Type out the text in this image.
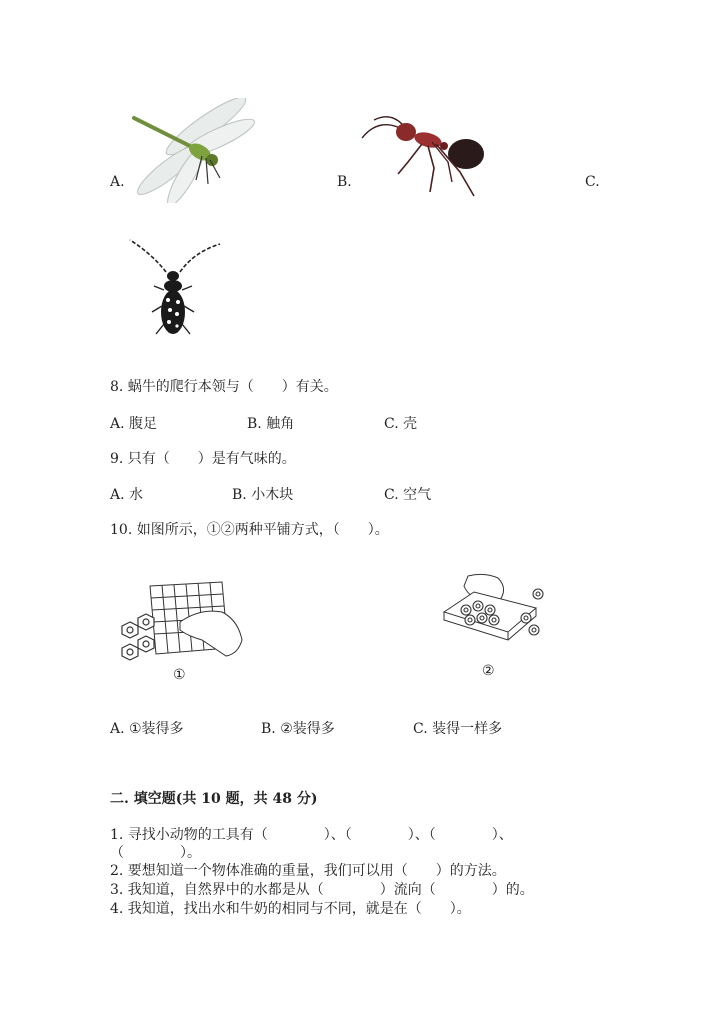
A.	B.	C.
8. 蜗牛的爬行本领与（　　）有关。
A. 腹足	B. 触角	C. 壳
9. 只有（　　）是有气味的。
A. 水	B. 小木块	C. 空气
10. 如图所示，①②两种平铺方式，（　　）。
①	②
A. ①装得多	B. ②装得多	C. 装得一样多
二. 填空题(共 10 题，共 48 分)
1. 寻找小动物的工具有（　　　　）、（　　　　）、（　　　　）、
（　　　　）。
2. 要想知道一个物体准确的重量，我们可以用（　　）的方法。
3. 我知道，自然界中的水都是从（　　　　）流向（　　　　）的。
4. 我知道，找出水和牛奶的相同与不同，就是在（　　）。
